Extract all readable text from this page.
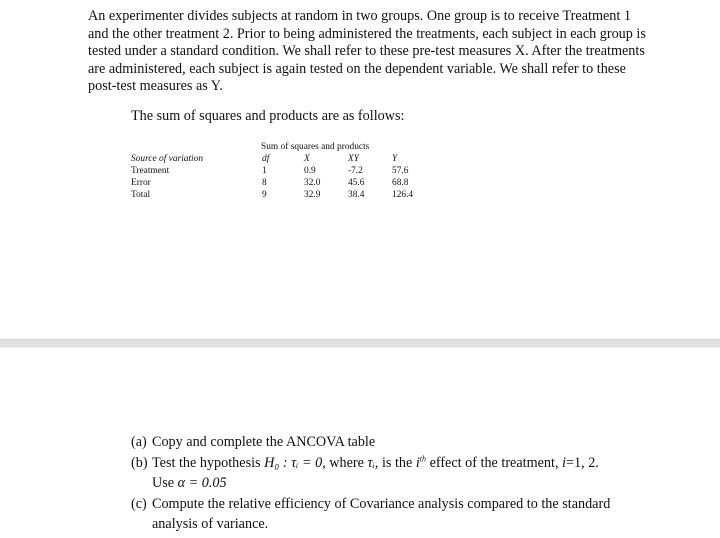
An experimenter divides subjects at random in two groups. One group is to receive Treatment 1 and the other treatment 2. Prior to being administered the treatments, each subject in each group is tested under a standard condition. We shall refer to these pre-test measures X. After the treatments are administered, each subject is again tested on the dependent variable. We shall refer to these post-test measures as Y.

The sum of squares and products are as follows:

Sum of squares and products
Source of variation	df	X	XY	Y
Treatment	1	0.9	-7.2	57.6
Error	8	32.0	45.6	68.8
Total	9	32.9	38.4	126.4
(a) Copy and complete the ANCOVA table
(b) Test the hypothesis H₀ : τᵢ = 0, where τᵢ, is the $i^{th}$ effect of the treatment, i=1, 2.
Use α = 0.05
(c) Compute the relative efficiency of Covariance analysis compared to the standard
analysis of variance.
